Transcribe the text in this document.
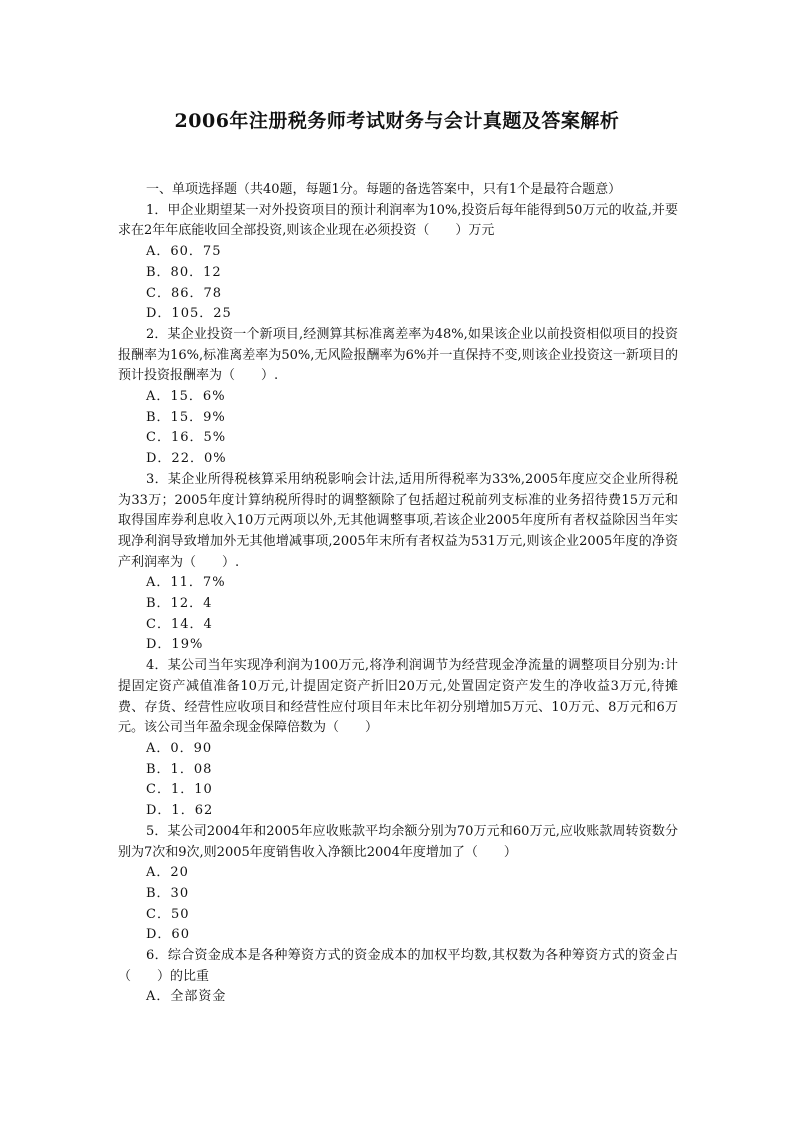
2006年注册税务师考试财务与会计真题及答案解析

一、单项选择题（共40题，每题1分。每题的备选答案中，只有1个是最符合题意）

1．甲企业期望某一对外投资项目的预计利润率为10%,投资后每年能得到50万元的收益,并要求在2年年底能收回全部投资,则该企业现在必须投资（　　）万元

A．60．75

B．80．12

C．86．78

D．105．25

2．某企业投资一个新项目,经测算其标准离差率为48%,如果该企业以前投资相似项目的投资报酬率为16%,标准离差率为50%,无风险报酬率为6%并一直保持不变,则该企业投资这一新项目的预计投资报酬率为（　　）.

A．15．6%

B．15．9%

C．16．5%

D．22．0%

3．某企业所得税核算采用纳税影响会计法,适用所得税率为33%,2005年度应交企业所得税为33万；2005年度计算纳税所得时的调整额除了包括超过税前列支标准的业务招待费15万元和取得国库券利息收入10万元两项以外,无其他调整事项,若该企业2005年度所有者权益除因当年实现净利润导致增加外无其他增减事项,2005年末所有者权益为531万元,则该企业2005年度的净资产利润率为（　　）.

A．11．7%

B．12．4

C．14．4

D．19%

4．某公司当年实现净利润为100万元,将净利润调节为经营现金净流量的调整项目分别为:计提固定资产减值准备10万元,计提固定资产折旧20万元,处置固定资产发生的净收益3万元,待摊费、存货、经营性应收项目和经营性应付项目年末比年初分别增加5万元、10万元、8万元和6万元。该公司当年盈余现金保障倍数为（　　）

A．0．90

B．1．08

C．1．10

D．1．62

5．某公司2004年和2005年应收账款平均余额分别为70万元和60万元,应收账款周转资数分别为7次和9次,则2005年度销售收入净额比2004年度增加了（　　）

A．20

B．30

C．50

D．60

6．综合资金成本是各种筹资方式的资金成本的加权平均数,其权数为各种筹资方式的资金占（　　）的比重

A．全部资金
